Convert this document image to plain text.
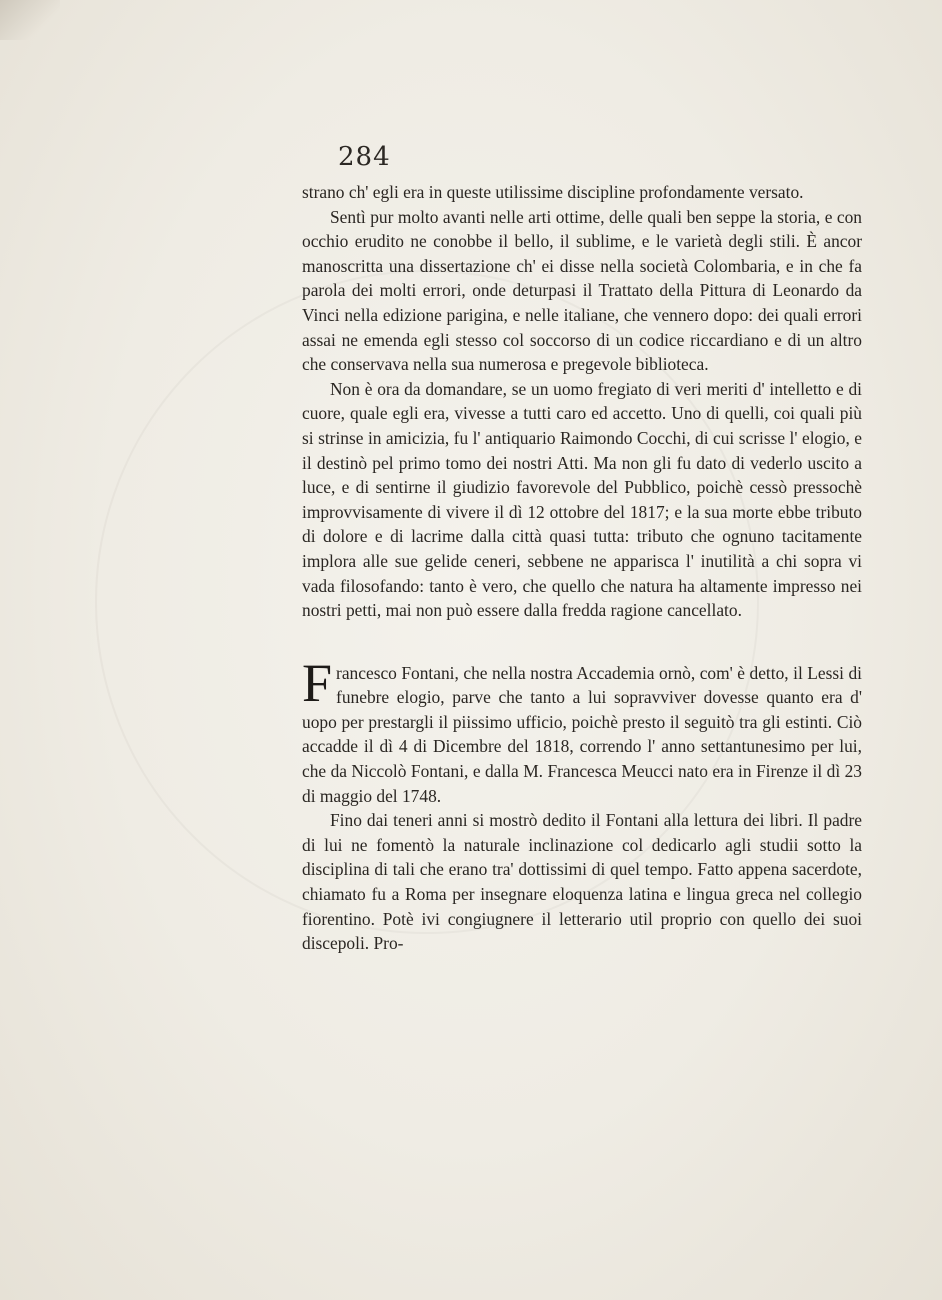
284

strano ch' egli era in queste utilissime discipline profondamente versato.

Sentì pur molto avanti nelle arti ottime, delle quali ben seppe la storia, e con occhio erudito ne conobbe il bello, il sublime, e le varietà degli stili. È ancor manoscritta una dissertazione ch' ei disse nella società Colombaria, e in che fa parola dei molti errori, onde deturpasi il Trattato della Pittura di Leonardo da Vinci nella edizione parigina, e nelle italiane, che vennero dopo: dei quali errori assai ne emenda egli stesso col soccorso di un codice riccardiano e di un altro che conservava nella sua numerosa e pregevole biblioteca.

Non è ora da domandare, se un uomo fregiato di veri meriti d' intelletto e di cuore, quale egli era, vivesse a tutti caro ed accetto. Uno di quelli, coi quali più si strinse in amicizia, fu l' antiquario Raimondo Cocchi, di cui scrisse l' elogio, e il destinò pel primo tomo dei nostri Atti. Ma non gli fu dato di vederlo uscito a luce, e di sentirne il giudizio favorevole del Pubblico, poichè cessò pressochè improvvisamente di vivere il dì 12 ottobre del 1817; e la sua morte ebbe tributo di dolore e di lacrime dalla città quasi tutta: tributo che ognuno tacitamente implora alle sue gelide ceneri, sebbene ne apparisca l' inutilità a chi sopra vi vada filosofando: tanto è vero, che quello che natura ha altamente impresso nei nostri petti, mai non può essere dalla fredda ragione cancellato.

Francesco Fontani, che nella nostra Accademia ornò, com' è detto, il Lessi di funebre elogio, parve che tanto a lui sopravviver dovesse quanto era d' uopo per prestargli il piissimo ufficio, poichè presto il seguitò tra gli estinti. Ciò accadde il dì 4 di Dicembre del 1818, correndo l' anno settantunesimo per lui, che da Niccolò Fontani, e dalla M. Francesca Meucci nato era in Firenze il dì 23 di maggio del 1748.

Fino dai teneri anni si mostrò dedito il Fontani alla lettura dei libri. Il padre di lui ne fomentò la naturale inclinazione col dedicarlo agli studii sotto la disciplina di tali che erano tra' dottissimi di quel tempo. Fatto appena sacerdote, chiamato fu a Roma per insegnare eloquenza latina e lingua greca nel collegio fiorentino. Potè ivi congiugnere il letterario util proprio con quello dei suoi discepoli. Pro-
